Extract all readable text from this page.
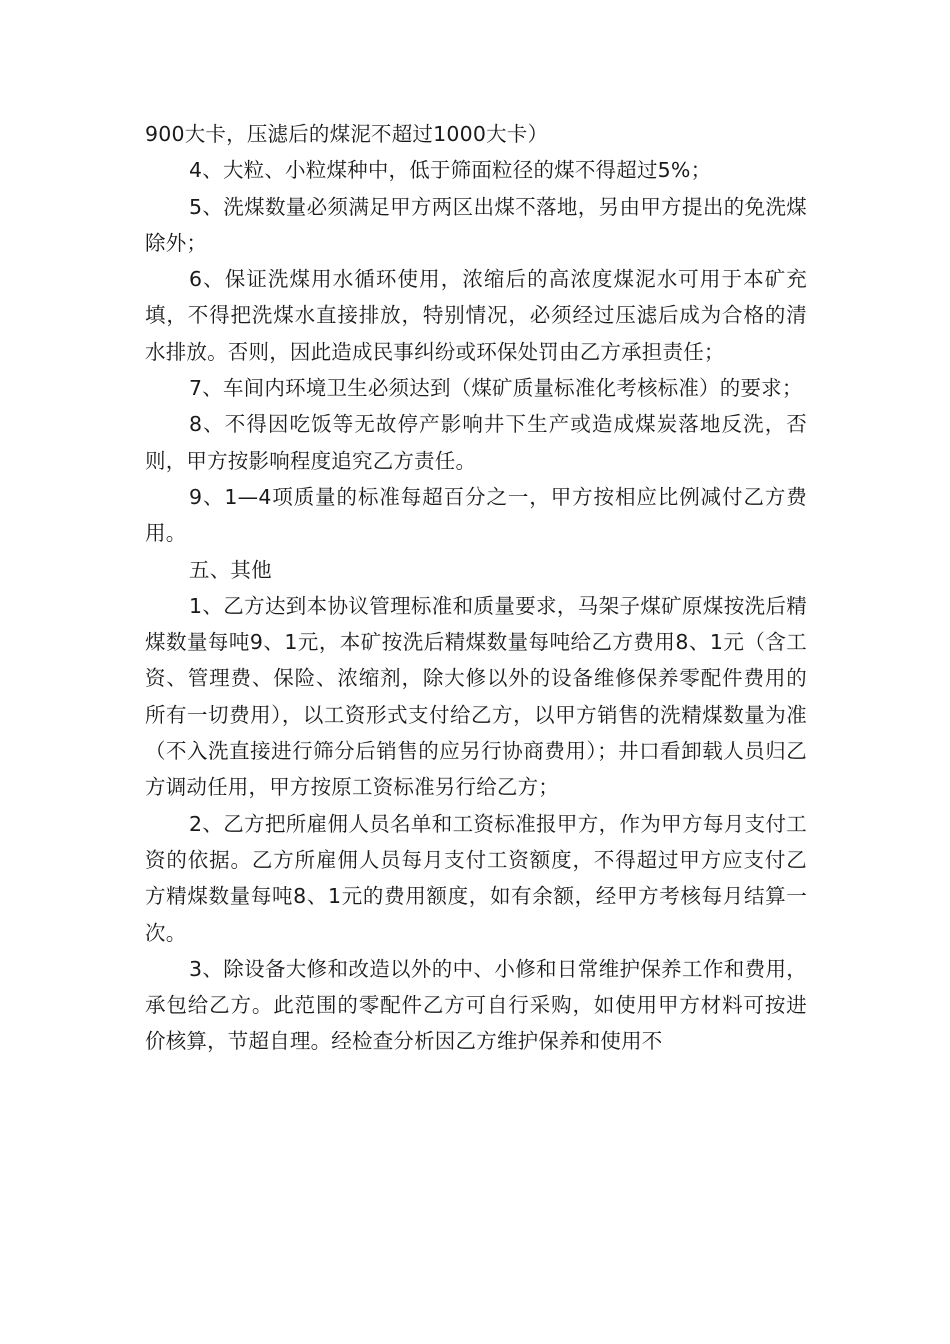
900大卡，压滤后的煤泥不超过1000大卡）

4、大粒、小粒煤种中，低于筛面粒径的煤不得超过5%；

5、洗煤数量必须满足甲方两区出煤不落地，另由甲方提出的免洗煤除外；

6、保证洗煤用水循环使用，浓缩后的高浓度煤泥水可用于本矿充填，不得把洗煤水直接排放，特别情况，必须经过压滤后成为合格的清水排放。否则，因此造成民事纠纷或环保处罚由乙方承担责任；

7、车间内环境卫生必须达到（煤矿质量标准化考核标准）的要求；

8、不得因吃饭等无故停产影响井下生产或造成煤炭落地反洗，否则，甲方按影响程度追究乙方责任。

9、1—4项质量的标准每超百分之一，甲方按相应比例减付乙方费用。

五、其他

1、乙方达到本协议管理标准和质量要求，马架子煤矿原煤按洗后精煤数量每吨9、1元，本矿按洗后精煤数量每吨给乙方费用8、1元（含工资、管理费、保险、浓缩剂，除大修以外的设备维修保养零配件费用的所有一切费用），以工资形式支付给乙方，以甲方销售的洗精煤数量为准（不入洗直接进行筛分后销售的应另行协商费用）；井口看卸载人员归乙方调动任用，甲方按原工资标准另行给乙方；

2、乙方把所雇佣人员名单和工资标准报甲方，作为甲方每月支付工资的依据。乙方所雇佣人员每月支付工资额度，不得超过甲方应支付乙方精煤数量每吨8、1元的费用额度，如有余额，经甲方考核每月结算一次。

3、除设备大修和改造以外的中、小修和日常维护保养工作和费用，承包给乙方。此范围的零配件乙方可自行采购，如使用甲方材料可按进价核算，节超自理。经检查分析因乙方维护保养和使用不
